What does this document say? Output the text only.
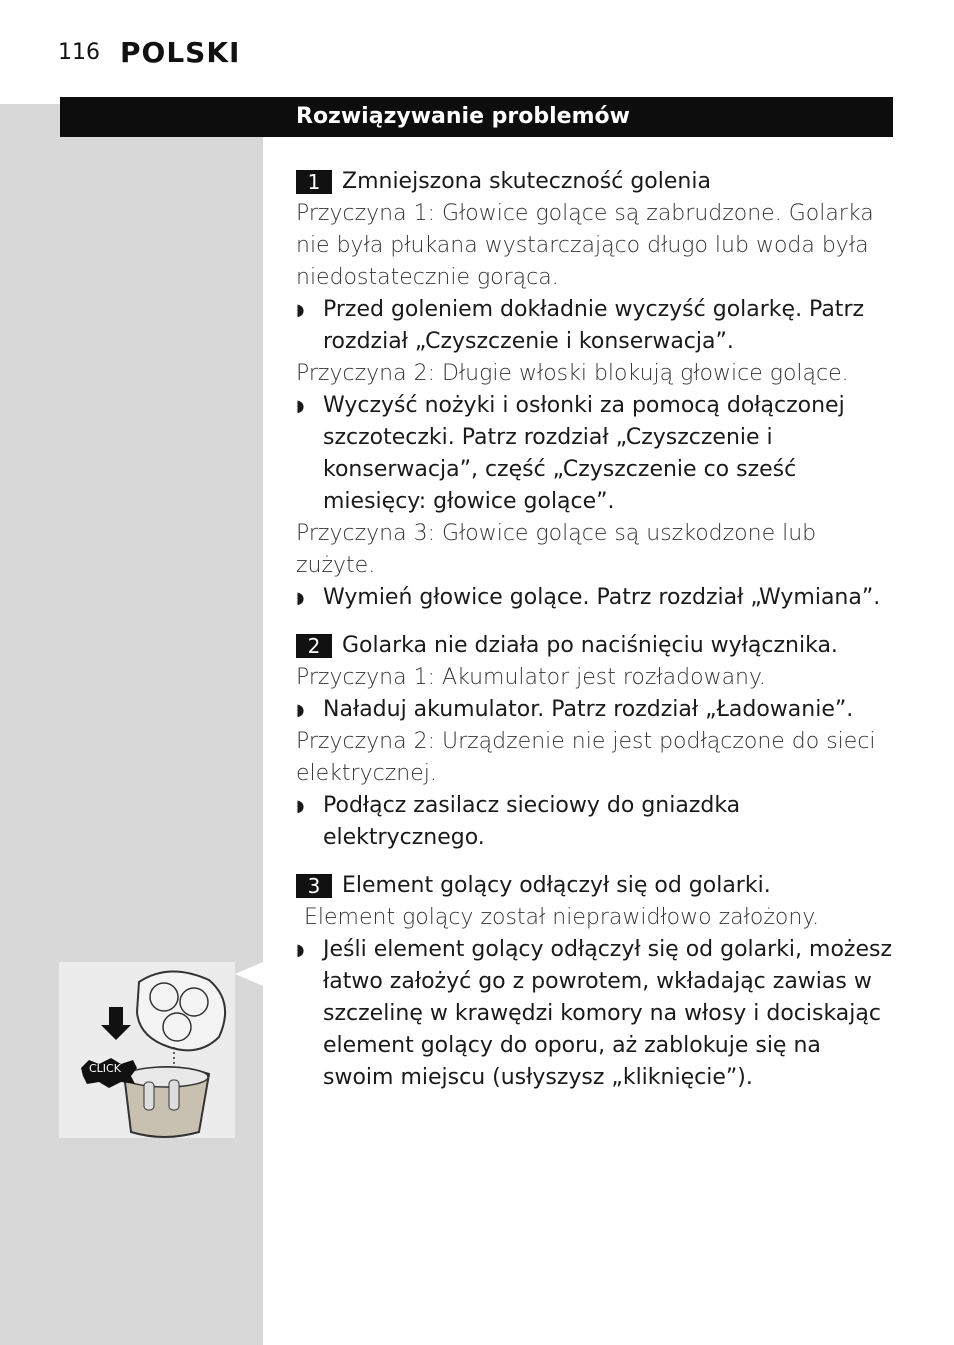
116 POLSKI
Rozwiązywanie problemów
1 Zmniejszona skuteczność golenia

Przyczyna 1: Głowice golące są zabrudzone. Golarka nie była płukana wystarczająco długo lub woda była niedostatecznie gorąca.

◗ Przed goleniem dokładnie wyczyść golarkę. Patrz rozdział „Czyszczenie i konserwacja”.

Przyczyna 2: Długie włoski blokują głowice golące.

◗ Wyczyść nożyki i osłonki za pomocą dołączonej szczoteczki. Patrz rozdział „Czyszczenie i konserwacja”, część „Czyszczenie co sześć miesięcy: głowice golące”.

Przyczyna 3: Głowice golące są uszkodzone lub zużyte.

◗ Wymień głowice golące. Patrz rozdział „Wymiana”.
2 Golarka nie działa po naciśnięciu wyłącznika.

Przyczyna 1: Akumulator jest rozładowany.

◗ Naładuj akumulator. Patrz rozdział „Ładowanie”.

Przyczyna 2: Urządzenie nie jest podłączone do sieci elektrycznej.

◗ Podłącz zasilacz sieciowy do gniazdka elektrycznego.
3 Element golący odłączył się od golarki.

Element golący został nieprawidłowo założony.

◗ Jeśli element golący odłączył się od golarki, możesz łatwo założyć go z powrotem, wkładając zawias w szczelinę w krawędzi komory na włosy i dociskając element golący do oporu, aż zablokuje się na swoim miejscu (usłyszysz „kliknięcie”).
CLICK
